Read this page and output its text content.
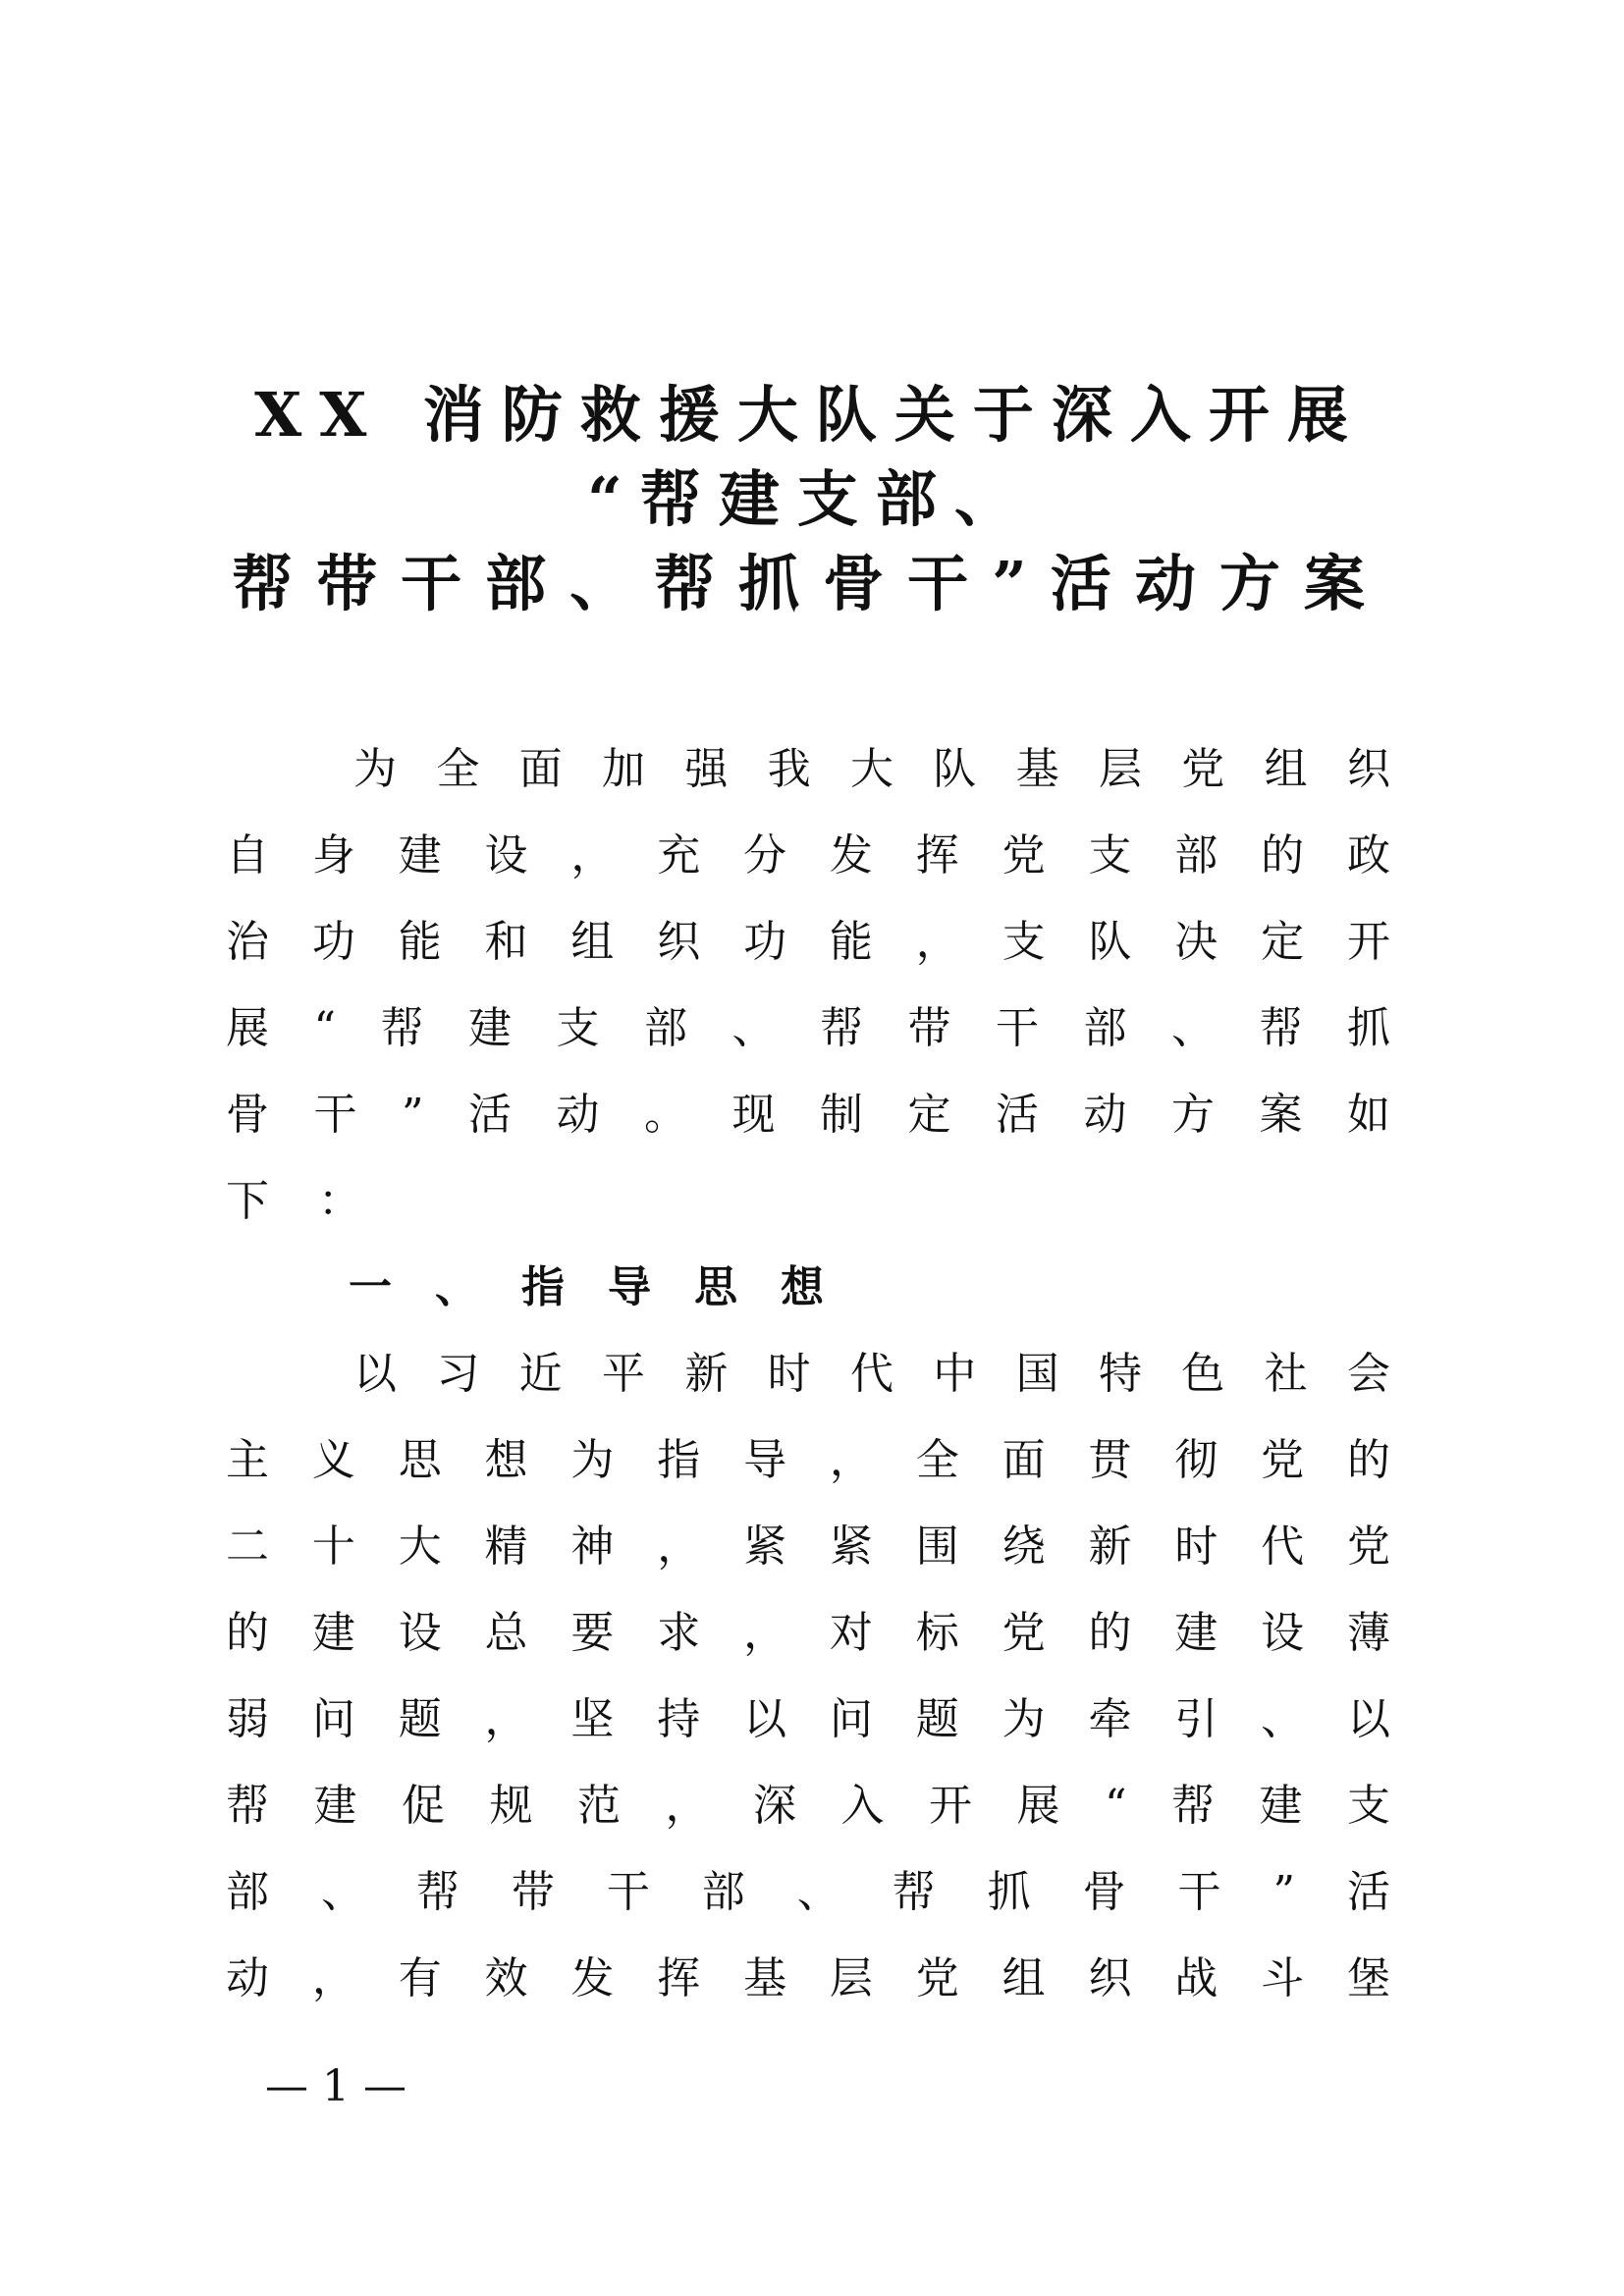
XX 消防救援大队关于深入开展
“帮建支部、
帮带干部、帮抓骨干”活动方案
为 全 面 加 强 我 大 队 基 层 党 组 织
自 身 建 设 ， 充 分 发 挥 党 支 部 的 政
治 功 能 和 组 织 功 能 ， 支 队 决 定 开
展 “ 帮 建 支 部 、 帮 带 干 部 、 帮 抓
骨 干 ” 活 动 。 现 制 定 活 动 方 案 如
下 ：
一、指导思想
以 习 近 平 新 时 代 中 国 特 色 社 会
主 义 思 想 为 指 导 ， 全 面 贯 彻 党 的
二 十 大 精 神 ， 紧 紧 围 绕 新 时 代 党
的 建 设 总 要 求 ， 对 标 党 的 建 设 薄
弱 问 题 ， 坚 持 以 问 题 为 牵 引 、 以
帮 建 促 规 范 ， 深 入 开 展 “ 帮 建 支
部 、 帮 带 干 部 、 帮 抓 骨 干 ” 活
动 ， 有 效 发 挥 基 层 党 组 织 战 斗 堡
— 1 —
